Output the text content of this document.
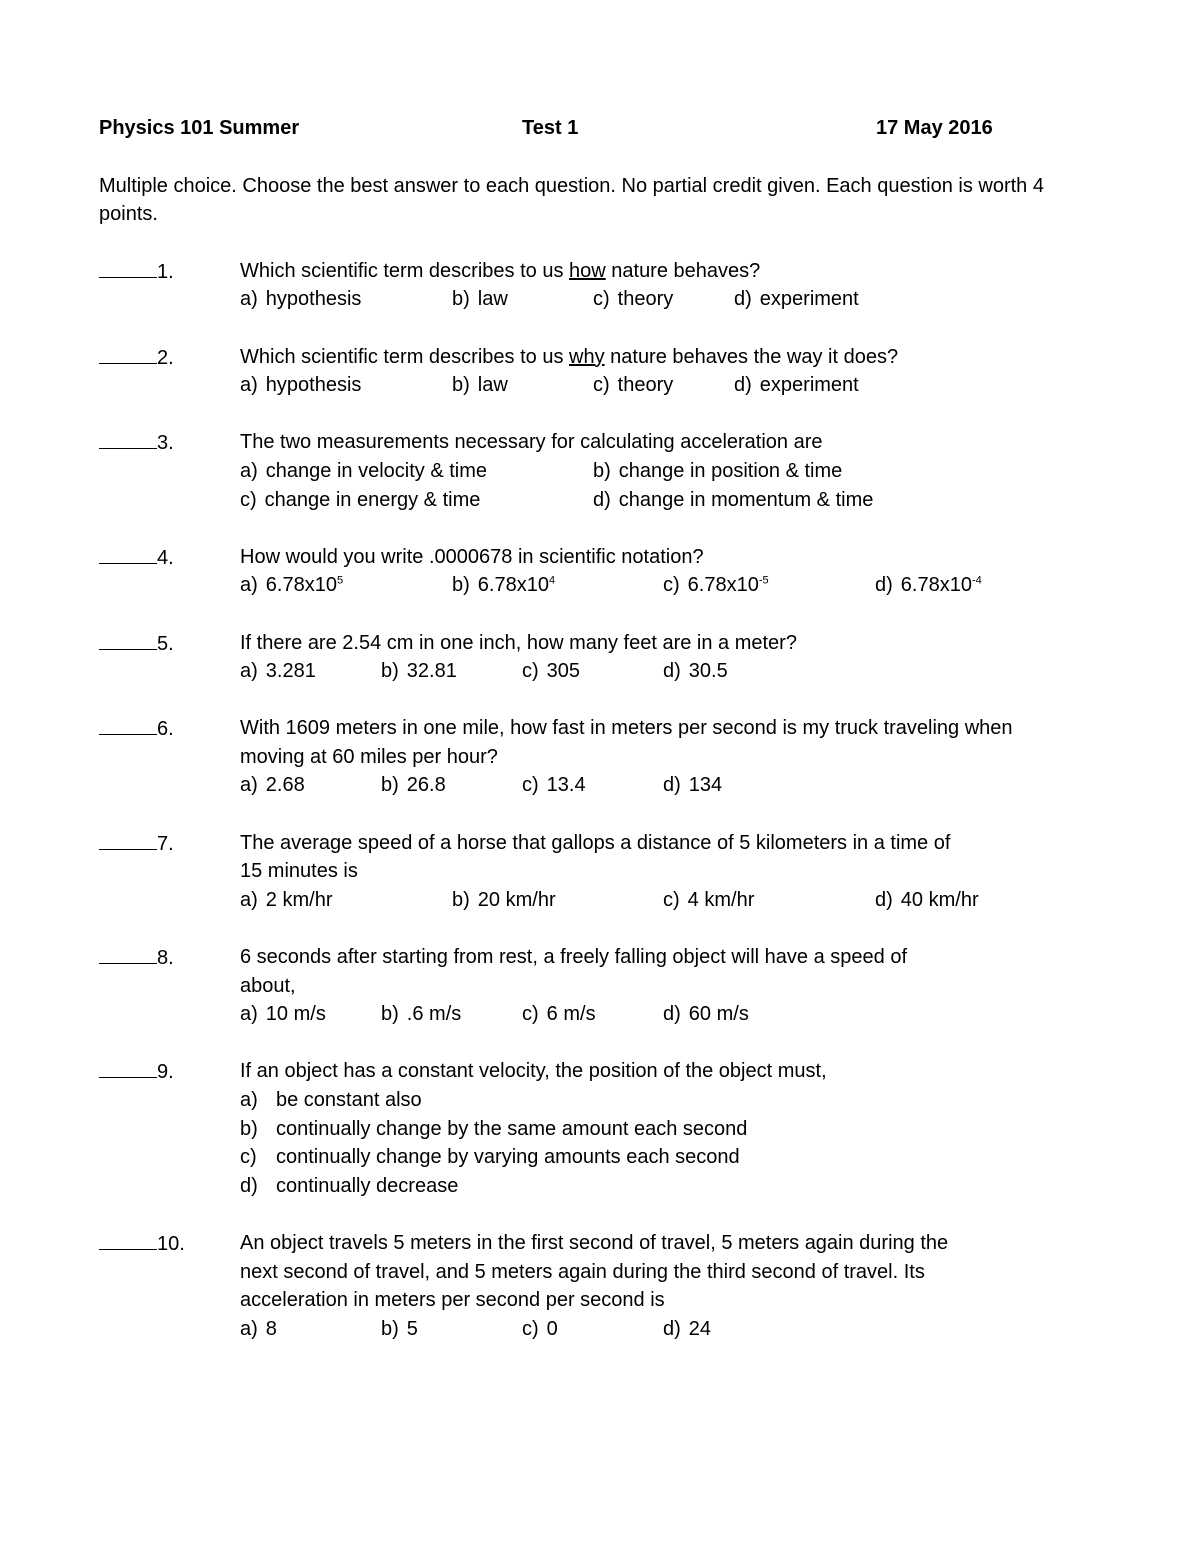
Physics 101 Summer	Test 1	17 May 2016
Multiple choice. Choose the best answer to each question. No partial credit given. Each question is worth 4 points.
1.	Which scientific term describes to us how nature behaves?
a) hypothesis	b) law	c) theory	d) experiment
2.	Which scientific term describes to us why nature behaves the way it does?
a) hypothesis	b) law	c) theory	d) experiment
3.	The two measurements necessary for calculating acceleration are
a) change in velocity & time	b) change in position & time
c) change in energy & time	d) change in momentum & time
4.	How would you write .0000678 in scientific notation?
a) $6.78x10^5$	b) $6.78x10^4$	c) $6.78x10^{-5}$	d) $6.78x10^{-4}$
5.	If there are 2.54 cm in one inch, how many feet are in a meter?
a) 3.281	b) 32.81	c) 305	d) 30.5
6.	With 1609 meters in one mile, how fast in meters per second is my truck traveling when
moving at 60 miles per hour?
a) 2.68	b) 26.8	c) 13.4	d) 134
7.	The average speed of a horse that gallops a distance of 5 kilometers in a time of
15 minutes is
a) 2 km/hr	b) 20 km/hr	c) 4 km/hr	d) 40 km/hr
8.	6 seconds after starting from rest, a freely falling object will have a speed of
about,
a) 10 m/s	b) .6 m/s	c) 6 m/s	d) 60 m/s
9.	If an object has a constant velocity, the position of the object must,
a) be constant also
b) continually change by the same amount each second
c) continually change by varying amounts each second
d) continually decrease
10.	An object travels 5 meters in the first second of travel, 5 meters again during the
next second of travel, and 5 meters again during the third second of travel. Its
acceleration in meters per second per second is
a) 8	b) 5	c) 0	d) 24
